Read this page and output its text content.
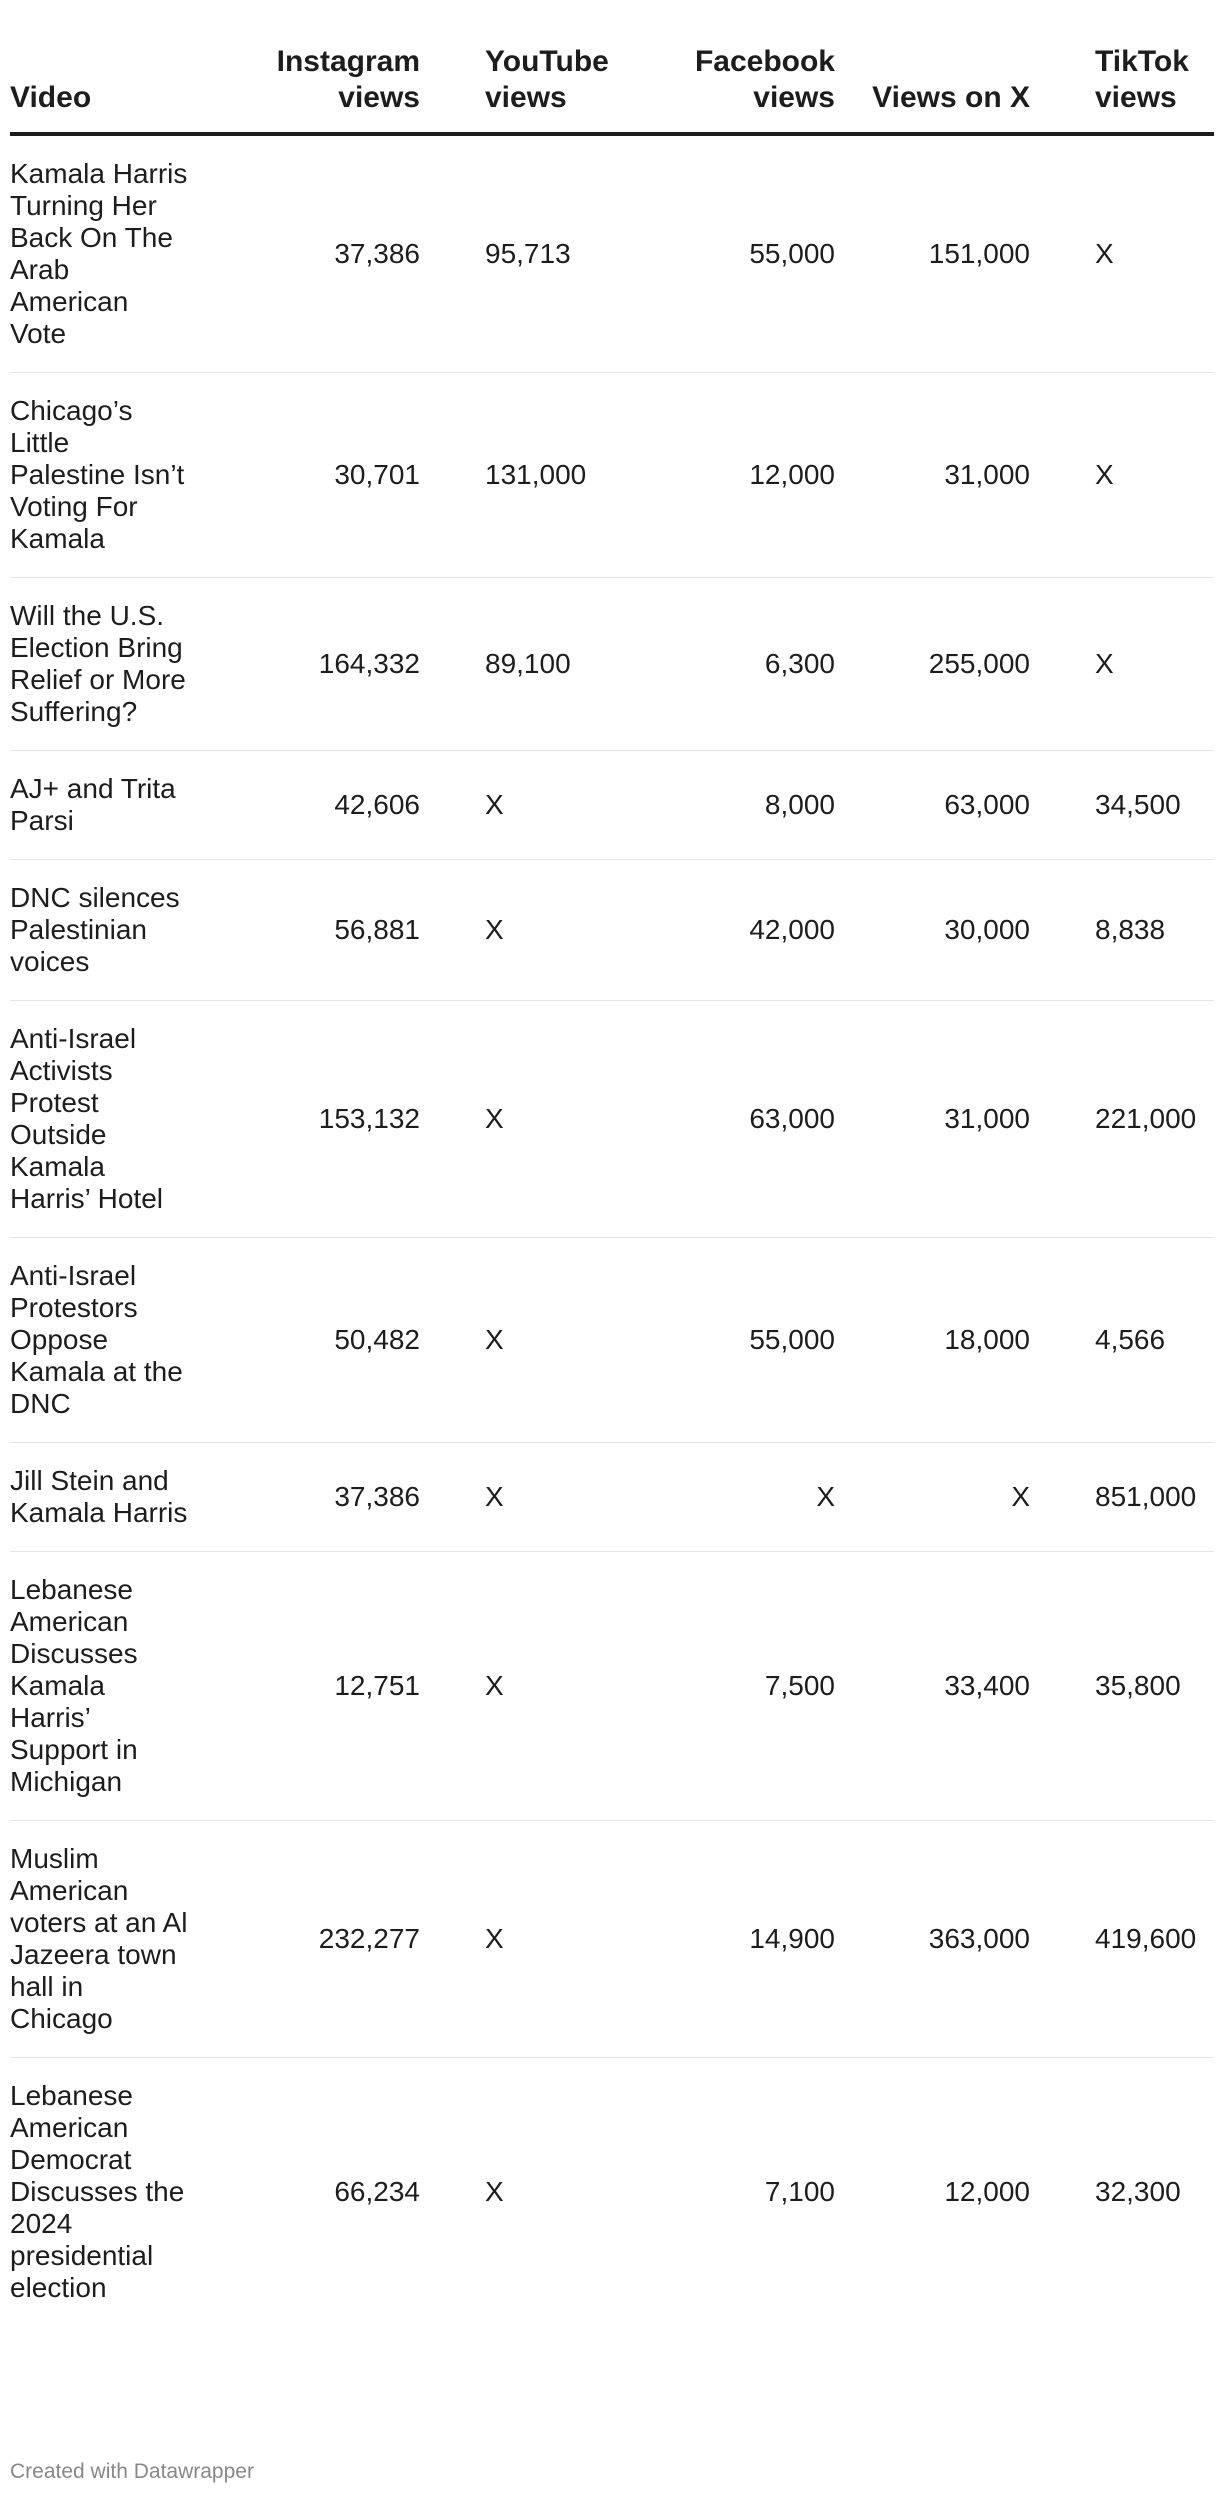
Video	Instagram views	YouTube views	Facebook views	Views on X	TikTok views
Kamala Harris Turning Her Back On The Arab American Vote	37,386	95,713	55,000	151,000	X
Chicago’s Little Palestine Isn’t Voting For Kamala	30,701	131,000	12,000	31,000	X
Will the U.S. Election Bring Relief or More Suffering?	164,332	89,100	6,300	255,000	X
AJ+ and Trita Parsi	42,606	X	8,000	63,000	34,500
DNC silences Palestinian voices	56,881	X	42,000	30,000	8,838
Anti-Israel Activists Protest Outside Kamala Harris’ Hotel	153,132	X	63,000	31,000	221,000
Anti-Israel Protestors Oppose Kamala at the DNC	50,482	X	55,000	18,000	4,566
Jill Stein and Kamala Harris	37,386	X	X	X	851,000
Lebanese American Discusses Kamala Harris’ Support in Michigan	12,751	X	7,500	33,400	35,800
Muslim American voters at an Al Jazeera town hall in Chicago	232,277	X	14,900	363,000	419,600
Lebanese American Democrat Discusses the 2024 presidential election	66,234	X	7,100	12,000	32,300
Created with Datawrapper
